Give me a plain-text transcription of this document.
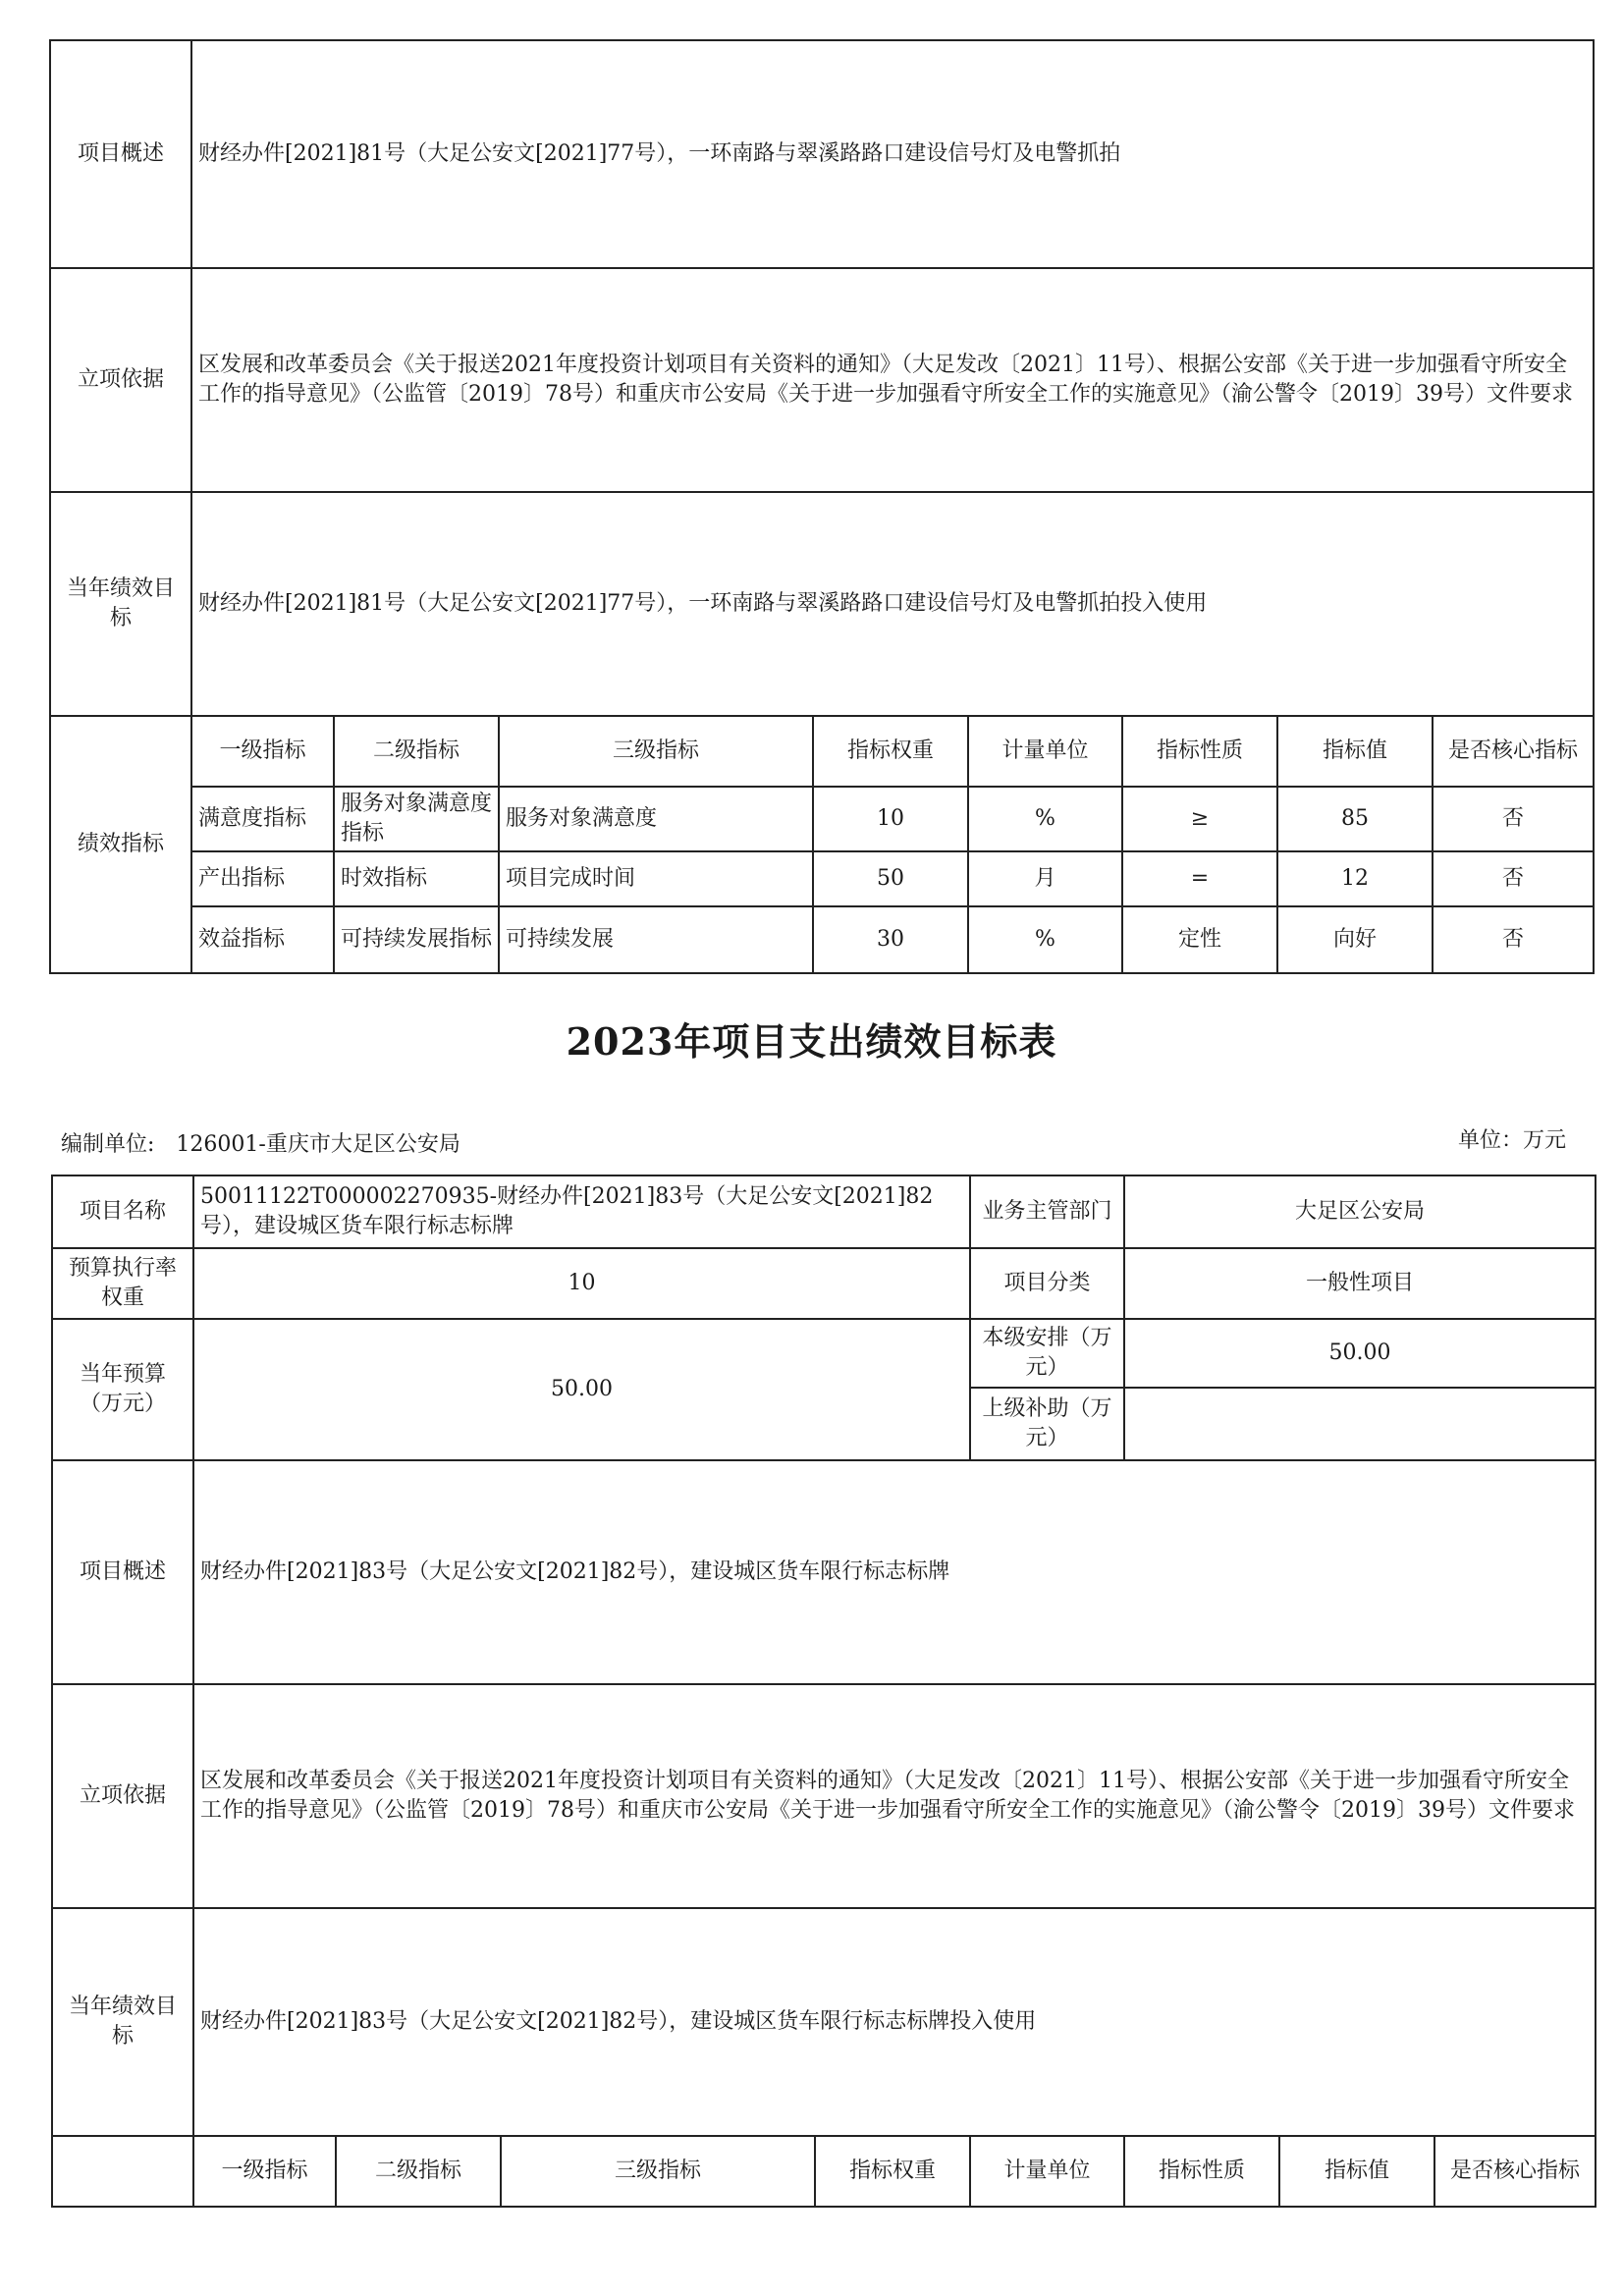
项目概述	财经办件[2021]81号（大足公安文[2021]77号），一环南路与翠溪路路口建设信号灯及电警抓拍							
立项依据	区发展和改革委员会《关于报送2021年度投资计划项目有关资料的通知》（大足发改〔2021〕11号）、根据公安部《关于进一步加强看守所安全工作的指导意见》（公监管〔2019〕78号）和重庆市公安局《关于进一步加强看守所安全工作的实施意见》（渝公警令〔2019〕39号）文件要求							
当年绩效目标	财经办件[2021]81号（大足公安文[2021]77号），一环南路与翠溪路路口建设信号灯及电警抓拍投入使用							
绩效指标	一级指标	二级指标	三级指标	指标权重	计量单位	指标性质	指标值	是否核心指标
	满意度指标	服务对象满意度指标	服务对象满意度	10	%	≥	85	否
	产出指标	时效指标	项目完成时间	50	月	=	12	否
	效益指标	可持续发展指标	可持续发展	30	%	定性	向好	否
2023年项目支出绩效目标表
编制单位:　126001-重庆市大足区公安局	单位：万元
项目名称	50011122T000002270935-财经办件[2021]83号（大足公安文[2021]82号），建设城区货车限行标志标牌				业务主管部门	大足区公安局		
预算执行率权重	10				项目分类	一般性项目		
当年预算（万元）	50.00				本级安排（万元）	50.00		
					上级补助（万元）			
项目概述	财经办件[2021]83号（大足公安文[2021]82号），建设城区货车限行标志标牌							
立项依据	区发展和改革委员会《关于报送2021年度投资计划项目有关资料的通知》（大足发改〔2021〕11号）、根据公安部《关于进一步加强看守所安全工作的指导意见》（公监管〔2019〕78号）和重庆市公安局《关于进一步加强看守所安全工作的实施意见》（渝公警令〔2019〕39号）文件要求							
当年绩效目标	财经办件[2021]83号（大足公安文[2021]82号），建设城区货车限行标志标牌投入使用							
	一级指标	二级指标	三级指标	指标权重	计量单位	指标性质	指标值	是否核心指标
